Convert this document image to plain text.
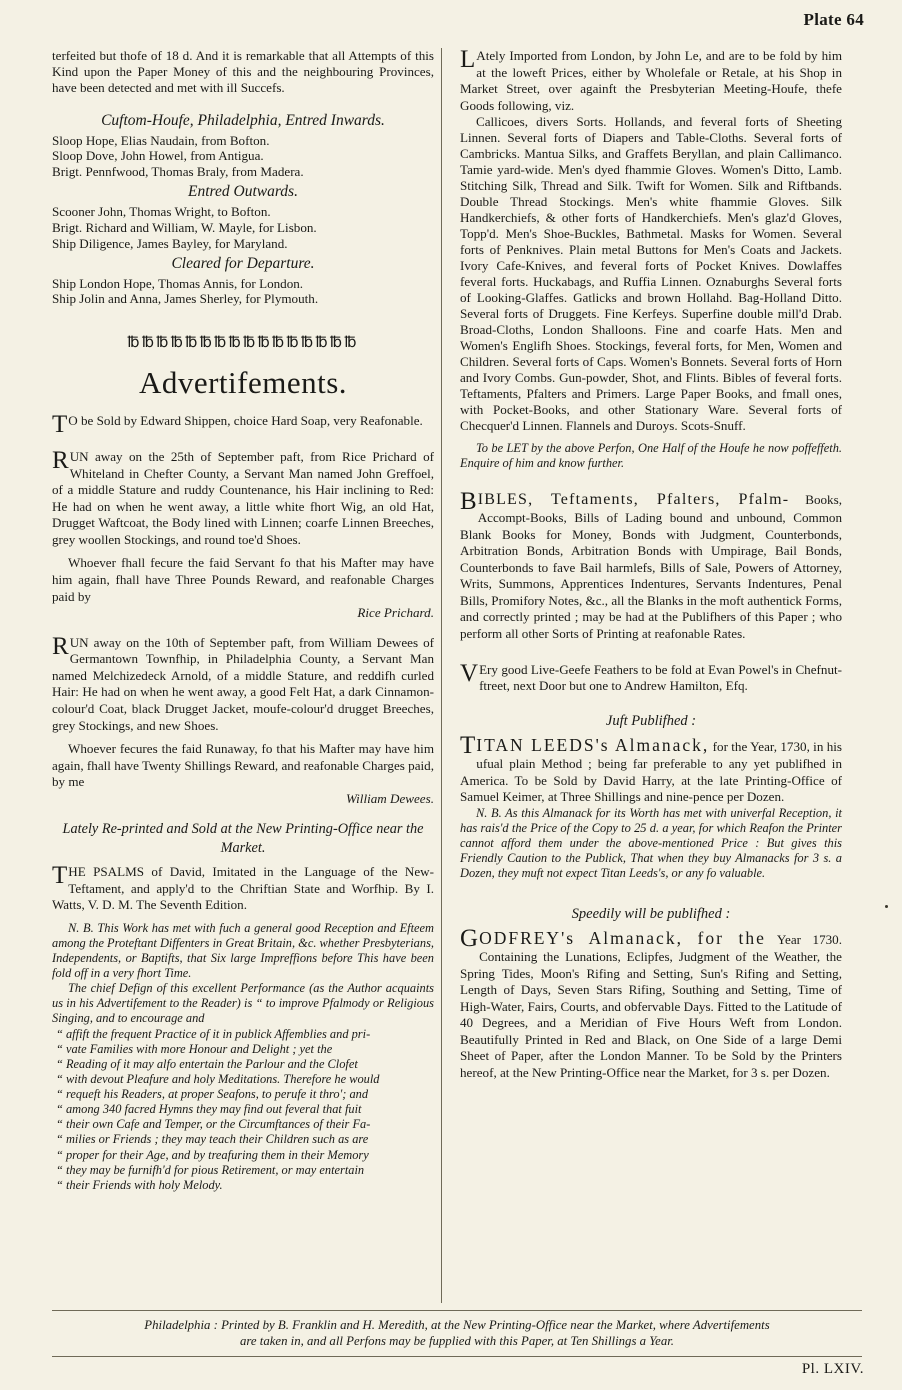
Plate 64

terfeited but thofe of 18 d. And it is remarkable that all Attempts of this Kind upon the Paper Money of this and the neighbouring Provinces, have been detected and met with ill Succefs.

Cuftom-Houfe, Philadelphia, Entred Inwards.

Sloop Hope, Elias Naudain, from Bofton.

Sloop Dove, John Howel, from Antigua.

Brigt. Pennfwood, Thomas Braly, from Madera.

Entred Outwards.

Scooner John, Thomas Wright, to Bofton.

Brigt. Richard and William, W. Mayle, for Lisbon.

Ship Diligence, James Bayley, for Maryland.

Cleared for Departure.

Ship London Hope, Thomas Annis, for London.

Ship Jolin and Anna, James Sherley, for Plymouth.

℔℔℔℔℔℔℔℔℔℔℔℔℔℔℔℔

Advertifements.

T O be Sold by Edward Shippen, choice Hard Soap, very Reafonable.
R UN away on the 25th of September paft, from Rice Prichard of Whiteland in Chefter County, a Servant Man named John Greffoel, of a middle Stature and ruddy Countenance, his Hair inclining to Red: He had on when he went away, a little white fhort Wig, an old Hat, Drugget Waftcoat, the Body lined with Linnen; coarfe Linnen Breeches, grey woollen Stockings, and round toe'd Shoes.

Whoever fhall fecure the faid Servant fo that his Mafter may have him again, fhall have Three Pounds Reward, and reafonable Charges paid by

Rice Prichard.

R UN away on the 10th of September paft, from William Dewees of Germantown Townfhip, in Philadelphia County, a Servant Man named Melchizedeck Arnold, of a middle Stature, and reddifh curled Hair: He had on when he went away, a good Felt Hat, a dark Cinnamon-colour'd Coat, black Drugget Jacket, moufe-colour'd drugget Breeches, grey Stockings, and new Shoes.

Whoever fecures the faid Runaway, fo that his Mafter may have him again, fhall have Twenty Shillings Reward, and reafonable Charges paid, by me

William Dewees.

Lately Re-printed and Sold at the New Printing-Office near the Market.

T HE PSALMS of David, Imitated in the Language of the New-Teftament, and apply'd to the Chriftian State and Worfhip. By I. Watts, V. D. M. The Seventh Edition.

N. B. This Work has met with fuch a general good Reception and Efteem among the Proteftant Diffenters in Great Britain, &c. whether Presbyterians, Independents, or Baptifts, that Six large Impreffions before This have been fold off in a very fhort Time.

The chief Defign of this excellent Performance (as the Author acquaints us in his Advertifement to the Reader) is “ to improve Pfalmody or Religious Singing, and to encourage and

“ affift the frequent Practice of it in publick Affemblies and pri-

“ vate Families with more Honour and Delight ; yet the

“ Reading of it may alfo entertain the Parlour and the Clofet

“ with devout Pleafure and holy Meditations. Therefore he would

“ requeft his Readers, at proper Seafons, to perufe it thro'; and

“ among 340 facred Hymns they may find out feveral that fuit

“ their own Cafe and Temper, or the Circumftances of their Fa-

“ milies or Friends ; they may teach their Children such as are

“ proper for their Age, and by treafuring them in their Memory

“ they may be furnifh'd for pious Retirement, or may entertain

“ their Friends with holy Melody.

L Ately Imported from London, by John Le, and are to be fold by him at the loweft Prices, either by Wholefale or Retale, at his Shop in Market Street, over againft the Presbyterian Meeting-Houfe, thefe Goods following, viz.

Callicoes, divers Sorts. Hollands, and feveral forts of Sheeting Linnen. Several forts of Diapers and Table-Cloths. Several forts of Cambricks. Mantua Silks, and Graffets Beryllan, and plain Callimanco. Tamie yard-wide. Men's dyed fhammie Gloves. Women's Ditto, Lamb. Stitching Silk, Thread and Silk. Twift for Women. Silk and Riftbands. Double Thread Stockings. Men's white fhammie Gloves. Silk Handkerchiefs, & other forts of Handkerchiefs. Men's glaz'd Gloves, Topp'd. Men's Shoe-Buckles, Bathmetal. Masks for Women. Several forts of Penknives. Plain metal Buttons for Men's Coats and Jackets. Ivory Cafe-Knives, and feveral forts of Pocket Knives. Dowlaffes feveral forts. Huckabags, and Ruffia Linnen. Oznaburghs Several forts of Looking-Glaffes. Gatlicks and brown Hollahd. Bag-Holland Ditto. Several forts of Druggets. Fine Kerfeys. Superfine double mill'd Drab. Broad-Cloths, London Shalloons. Fine and coarfe Hats. Men and Women's Englifh Shoes. Stockings, feveral forts, for Men, Women and Children. Several forts of Caps. Women's Bonnets. Several forts of Horn and Ivory Combs. Gun-powder, Shot, and Flints. Bibles of feveral forts. Teftaments, Pfalters and Primers. Large Paper Books, and fmall ones, with Pocket-Books, and other Stationary Ware. Several forts of Checquer'd Linnen. Flannels and Duroys. Scots-Snuff.

To be LET by the above Perfon, One Half of the Houfe he now poffeffeth. Enquire of him and know further.

B IBLES, Teftaments, Pfalters, Pfalm- Books, Accompt-Books, Bills of Lading bound and unbound, Common Blank Books for Money, Bonds with Judgment, Counterbonds, Arbitration Bonds, Arbitration Bonds with Umpirage, Bail Bonds, Counterbonds to fave Bail harmlefs, Bills of Sale, Powers of Attorney, Writs, Summons, Apprentices Indentures, Servants Indentures, Penal Bills, Promifory Notes, &c., all the Blanks in the moft authentick Forms, and correctly printed ; may be had at the Publifhers of this Paper ; who perform all other Sorts of Printing at reafonable Rates.
V Ery good Live-Geefe Feathers to be fold at Evan Powel's in Chefnut-ftreet, next Door but one to Andrew Hamilton, Efq.

Juft Publifhed :

T ITAN LEEDS's Almanack, for the Year, 1730, in his ufual plain Method ; being far preferable to any yet publifhed in America. To be Sold by David Harry, at the late Printing-Office of Samuel Keimer, at Three Shillings and nine-pence per Dozen.

N. B. As this Almanack for its Worth has met with univerfal Reception, it has rais'd the Price of the Copy to 25 d. a year, for which Reafon the Printer cannot afford them under the above-mentioned Price : But gives this Friendly Caution to the Publick, That when they buy Almanacks for 3 s. a Dozen, they muft not expect Titan Leeds's, or any fo valuable.

Speedily will be publifhed :

G ODFREY's Almanack, for the Year 1730. Containing the Lunations, Eclipfes, Judgment of the Weather, the Spring Tides, Moon's Rifing and Setting, Sun's Rifing and Setting, Length of Days, Seven Stars Rifing, Southing and Setting, Time of High-Water, Fairs, Courts, and obfervable Days. Fitted to the Latitude of 40 Degrees, and a Meridian of Five Hours Weft from London. Beautifully Printed in Red and Black, on One Side of a large Demi Sheet of Paper, after the London Manner. To be Sold by the Printers hereof, at the New Printing-Office near the Market, for 3 s. per Dozen.
Philadelphia : Printed by B. Franklin and H. Meredith, at the New Printing-Office near the Market, where Advertifements
are taken in, and all Perfons may be fupplied with this Paper, at Ten Shillings a Year.
Pl. LXIV.
